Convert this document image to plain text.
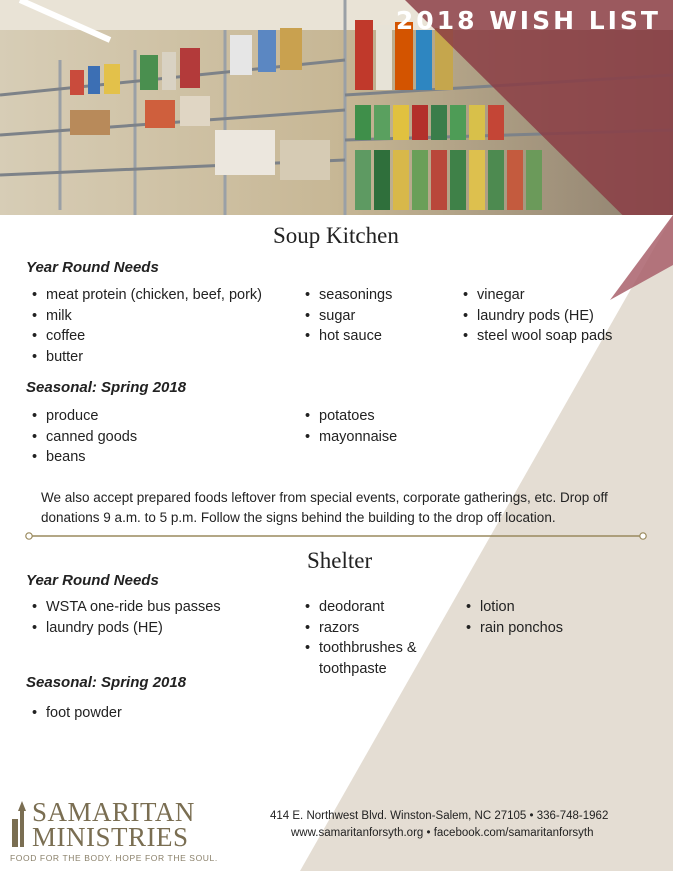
2018 WISH LIST
Soup Kitchen
Year Round Needs
• meat protein (chicken, beef, pork)
• milk
• coffee
• butter
• seasonings
• sugar
• hot sauce
• vinegar
• laundry pods (HE)
• steel wool soap pads
Seasonal: Spring 2018
• produce
• canned goods
• beans
• potatoes
• mayonnaise
We also accept prepared foods leftover from special events, corporate gatherings, etc. Drop off donations 9 a.m. to 5 p.m. Follow the signs behind the building to the drop off location.
Shelter
Year Round Needs
• WSTA one-ride bus passes
• laundry pods (HE)
• deodorant
• razors
• toothbrushes & toothpaste
• lotion
• rain ponchos
Seasonal: Spring 2018
• foot powder
SAMARITAN
MINISTRIES
FOOD FOR THE BODY. HOPE FOR THE SOUL.
414 E. Northwest Blvd. Winston-Salem, NC 27105 • 336-748-1962
www.samaritanforsyth.org • facebook.com/samaritanforsyth
